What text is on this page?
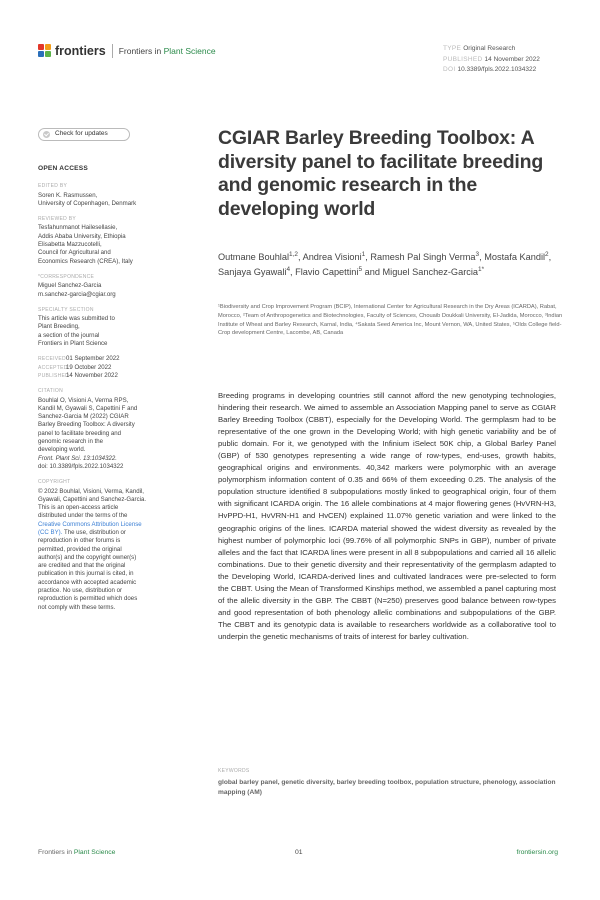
frontiers Frontiers in Plant Science	TYPE Original Research
PUBLISHED 14 November 2022
DOI 10.3389/fpls.2022.1034322
Check for updates
OPEN ACCESS
EDITED BY
Soren K. Rasmussen,
University of Copenhagen, Denmark
REVIEWED BY
Tesfahunmanot Hailesellasie,
Addis Ababa University, Ethiopia
Elisabetta Mazzucotelli,
Council for Agricultural and
Economics Research (CREA), Italy
*CORRESPONDENCE
Miguel Sanchez-Garcia
m.sanchez-garcia@cgiar.org
SPECIALTY SECTION
This article was submitted to
Plant Breeding,
a section of the journal
Frontiers in Plant Science
RECEIVED 01 September 2022
ACCEPTED
19 October 2022
PUBLISHED
14 November 2022
CITATION
Bouhlal O, Visioni A, Verma RPS,
Kandil M, Gyawali S, Capettini F and
Sanchez-Garcia M (2022) CGIAR
Barley Breeding Toolbox: A diversity
panel to facilitate breeding and
genomic research in the
developing world.
Front. Plant Sci. 13:1034322.
doi: 10.3389/fpls.2022.1034322
COPYRIGHT
© 2022 Bouhlal, Visioni, Verma, Kandil,
Gyawali, Capettini and Sanchez-Garcia.
This is an open-access article
distributed under the terms of the
Creative Commons Attribution License
(CC BY). The use, distribution or
reproduction in other forums is
permitted, provided the original
author(s) and the copyright owner(s)
are credited and that the original
publication in this journal is cited, in
accordance with accepted academic
practice. No use, distribution or
reproduction is permitted which does
not comply with these terms.
CGIAR Barley Breeding Toolbox: A diversity panel to facilitate breeding and genomic research in the developing world
Outmane Bouhlal$^{1,2}$, Andrea Visioni$^1$, Ramesh Pal Singh Verma$^3$, Mostafa Kandil$^2$, Sanjaya Gyawali$^4$, Flavio Capettini$^5$ and Miguel Sanchez-Garcia$^{1*}$
¹Biodiversity and Crop Improvement Program (BCIP), International Center for Agricultural Research in the Dry Areas (ICARDA), Rabat, Morocco, ²Team of Anthropogenetics and Biotechnologies, Faculty of Sciences, Chouaib Doukkali University, El-Jadida, Morocco, ³Indian Institute of Wheat and Barley Research, Karnal, India, ⁴Sakata Seed America Inc, Mount Vernon, WA, United States, ⁵Olds College field-Crop development Centre, Lacombe, AB, Canada

Breeding programs in developing countries still cannot afford the new genotyping technologies, hindering their research. We aimed to assemble an Association Mapping panel to serve as CGIAR Barley Breeding Toolbox (CBBT), especially for the Developing World. The germplasm had to be representative of the one grown in the Developing World; with high genetic variability and be of public domain. For it, we genotyped with the Infinium iSelect 50K chip, a Global Barley Panel (GBP) of 530 genotypes representing a wide range of row-types, end-uses, growth habits, geographical origins and environments. 40,342 markers were polymorphic with an average polymorphism information content of 0.35 and 66% of them exceeding 0.25. The analysis of the population structure identified 8 subpopulations mostly linked to geographical origin, four of them with significant ICARDA origin. The 16 allele combinations at 4 major flowering genes (HvVRN-H3, HvPPD-H1, HvVRN-H1 and HvCEN) explained 11.07% genetic variation and were linked to the geographic origins of the lines. ICARDA material showed the widest diversity as revealed by the highest number of polymorphic loci (99.76% of all polymorphic SNPs in GBP), number of private alleles and the fact that ICARDA lines were present in all 8 subpopulations and carried all 16 allelic combinations. Due to their genetic diversity and their representativity of the germplasm adapted to the Developing World, ICARDA-derived lines and cultivated landraces were pre-selected to form the CBBT. Using the Mean of Transformed Kinships method, we assembled a panel capturing most of the allelic diversity in the GBP. The CBBT (N=250) preserves good balance between row-types and good representation of both phenology allelic combinations and subpopulations of the GBP. The CBBT and its genotypic data is available to researchers worldwide as a collaborative tool to underpin the genetic mechanisms of traits of interest for barley cultivation.

KEYWORDS
global barley panel, genetic diversity, barley breeding toolbox, population structure, phenology, association mapping (AM)
Frontiers in Plant Science	01	frontiersin.org
